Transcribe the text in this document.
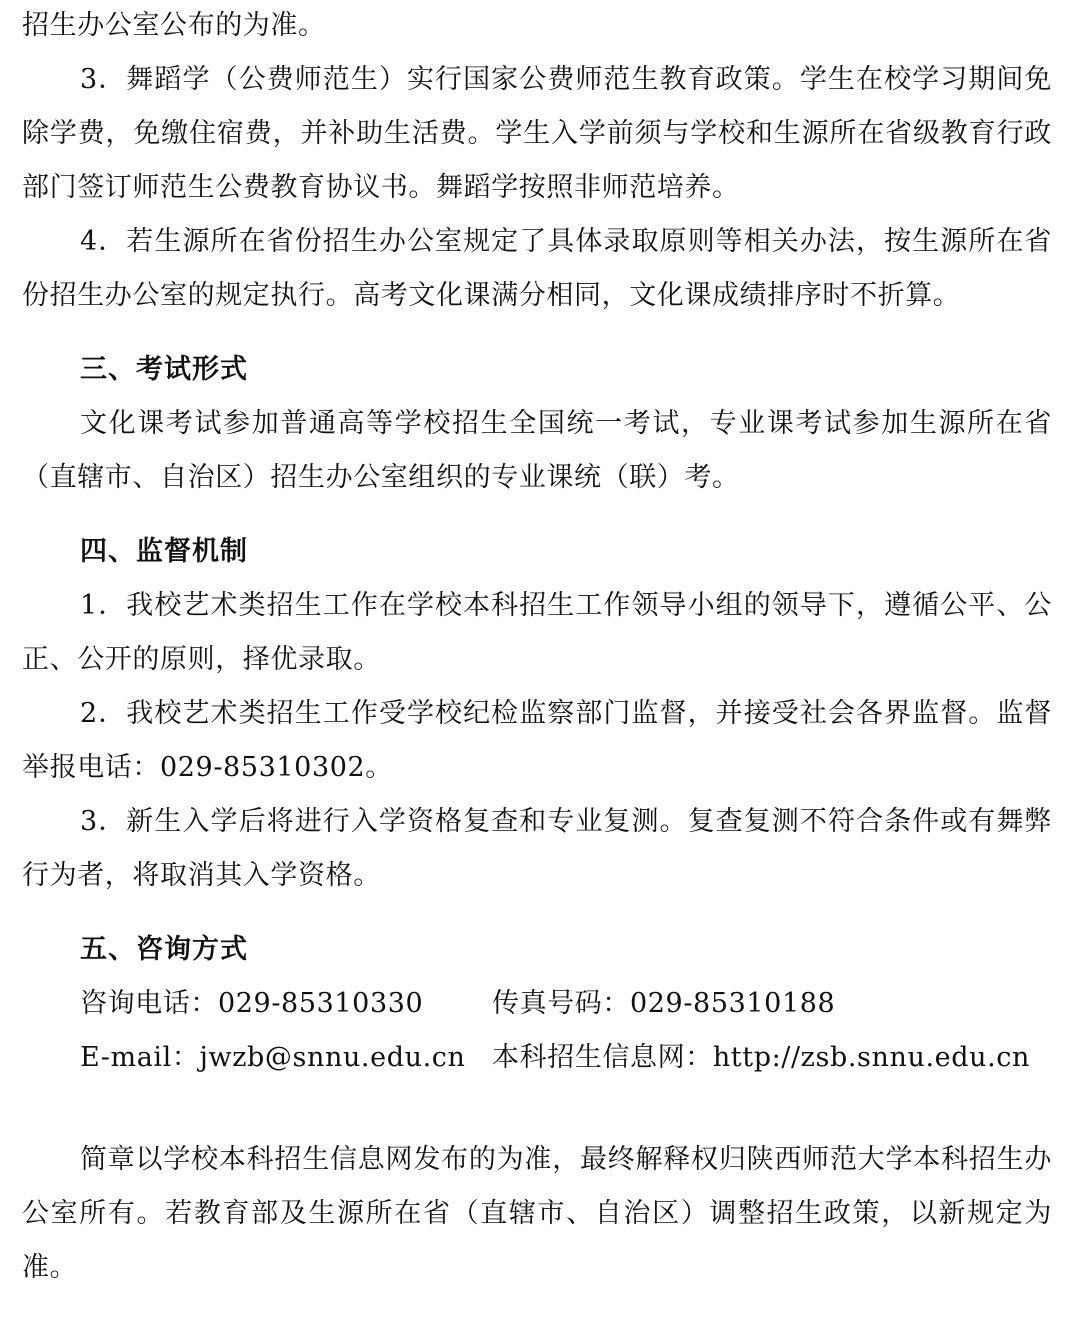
招生办公室公布的为准。

3．舞蹈学（公费师范生）实行国家公费师范生教育政策。学生在校学习期间免除学费，免缴住宿费，并补助生活费。学生入学前须与学校和生源所在省级教育行政部门签订师范生公费教育协议书。舞蹈学按照非师范培养。

4．若生源所在省份招生办公室规定了具体录取原则等相关办法，按生源所在省份招生办公室的规定执行。高考文化课满分相同，文化课成绩排序时不折算。

三、考试形式

文化课考试参加普通高等学校招生全国统一考试，专业课考试参加生源所在省（直辖市、自治区）招生办公室组织的专业课统（联）考。

四、监督机制

1．我校艺术类招生工作在学校本科招生工作领导小组的领导下，遵循公平、公正、公开的原则，择优录取。

2．我校艺术类招生工作受学校纪检监察部门监督，并接受社会各界监督。监督举报电话：029-85310302。

3．新生入学后将进行入学资格复查和专业复测。复查复测不符合条件或有舞弊行为者，将取消其入学资格。

五、咨询方式
咨询电话：029-85310330	传真号码：029-85310188
E-mail：jwzb@snnu.edu.cn 本科招生信息网：http://zsb.snnu.edu.cn

简章以学校本科招生信息网发布的为准，最终解释权归陕西师范大学本科招生办公室所有。若教育部及生源所在省（直辖市、自治区）调整招生政策，以新规定为准。
